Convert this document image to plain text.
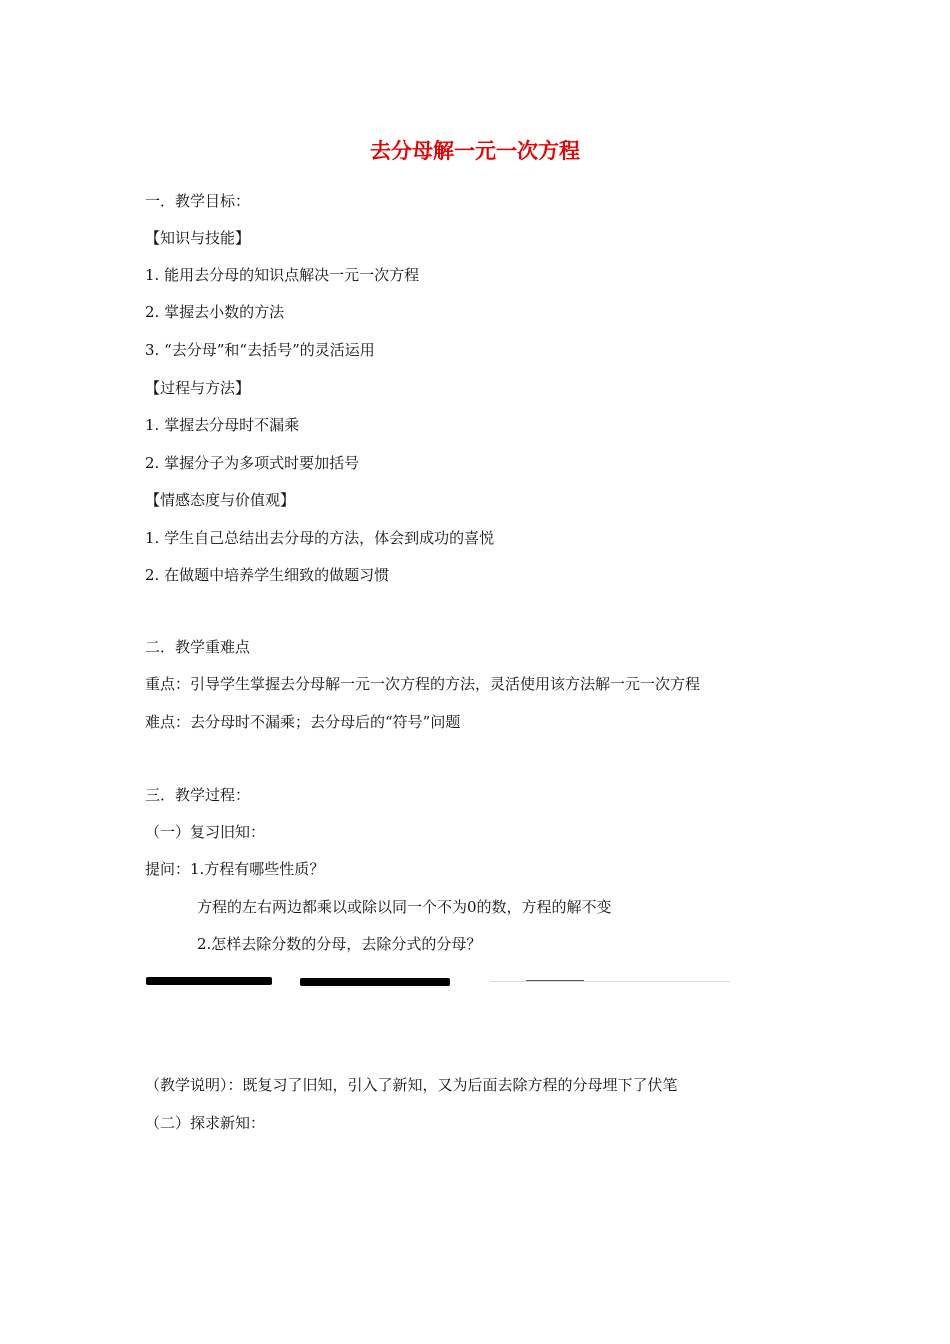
去分母解一元一次方程
一．教学目标：
【知识与技能】
1. 能用去分母的知识点解决一元一次方程
2. 掌握去小数的方法
3. “去分母”和“去括号”的灵活运用
【过程与方法】
1. 掌握去分母时不漏乘
2. 掌握分子为多项式时要加括号
【情感态度与价值观】
1. 学生自己总结出去分母的方法，体会到成功的喜悦
2. 在做题中培养学生细致的做题习惯
二．教学重难点
重点：引导学生掌握去分母解一元一次方程的方法，灵活使用该方法解一元一次方程
难点：去分母时不漏乘；去分母后的“符号”问题
三．教学过程：
（一）复习旧知：
提问：1.方程有哪些性质？
方程的左右两边都乘以或除以同一个不为0的数，方程的解不变
2.怎样去除分数的分母，去除分式的分母？
（教学说明）：既复习了旧知，引入了新知，又为后面去除方程的分母埋下了伏笔
（二）探求新知：
